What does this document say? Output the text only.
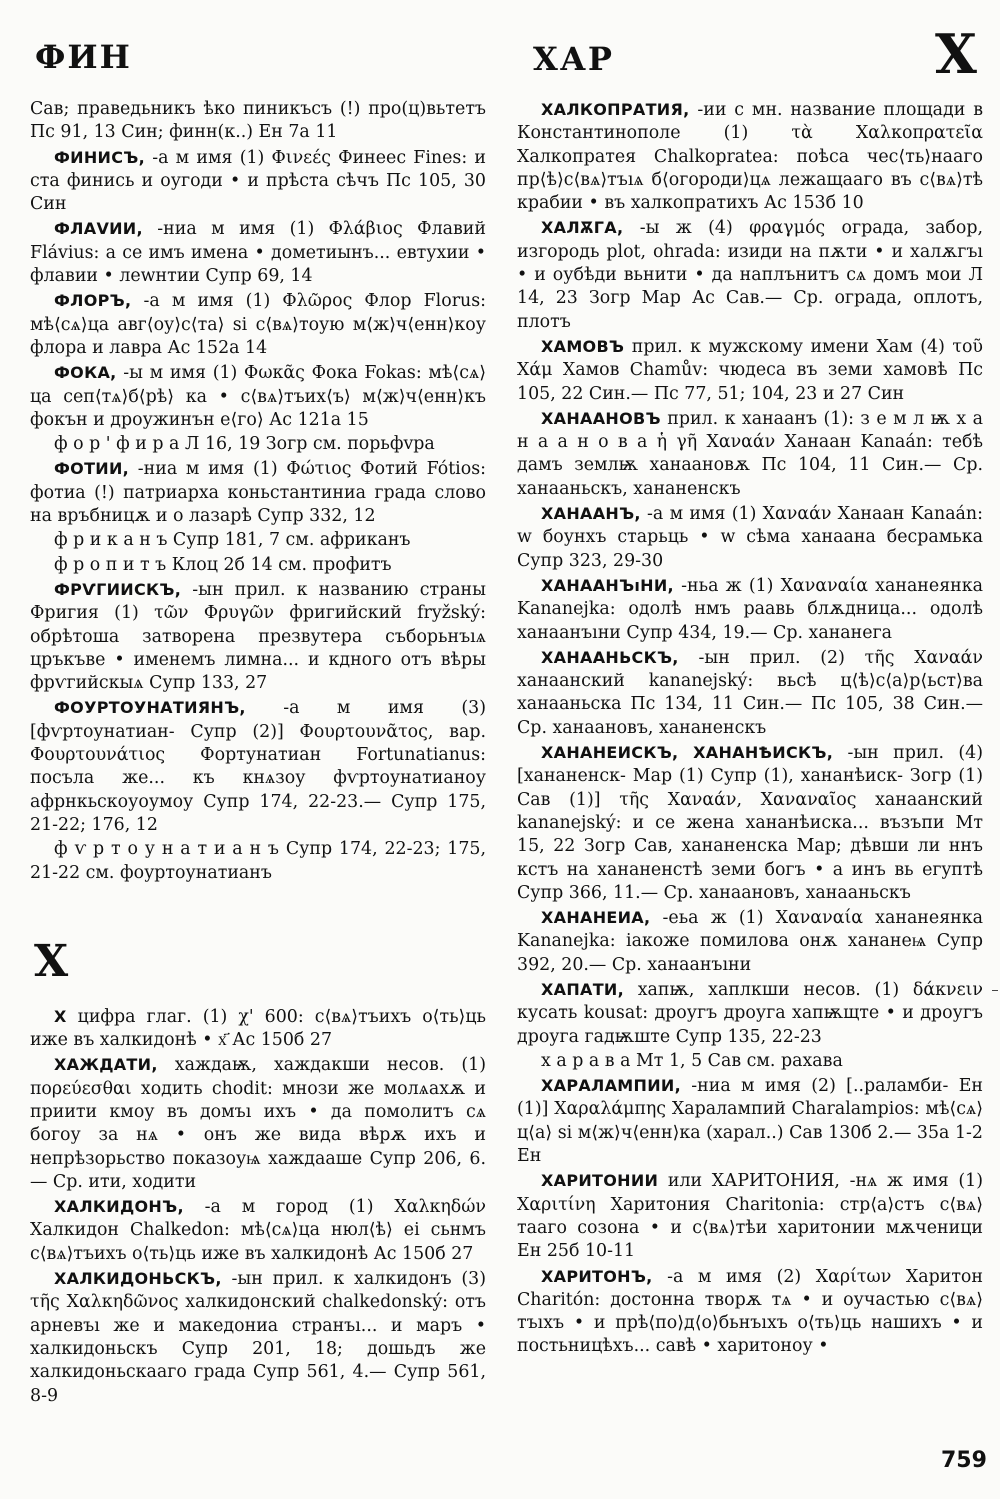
ФИН	ХАР	Х
Сав; праведьникъ ѣко пиникъсъ (!) про(ц)вьтетъ Пс 91, 13 Син; финн(к..) Ен 7а 11
ФИНИСЪ, -а м имя (1) Φινεές Финеес Fines: и ста финись и оугоди • и прѣста сѣчъ Пс 105, 30 Син
ФЛАVИИ, -ниа м имя (1) Φλάβιος Флавий Flávius: а се имъ имена • дометиынъ... евтухии • флавии • леwнтии Супр 69, 14
ФЛОРЪ, -а м имя (1) Φλῶρος Флор Florus: мѣ⟨сѧ⟩ца авг⟨оу⟩с⟨та⟩ ѕі с⟨вѧ⟩тоую м⟨ж⟩ч⟨енн⟩коу флора и лавра Ас 152а 14
ФОКА, -ы м имя (1) Φωκᾶς Фока Fokas: мѣ⟨сѧ⟩ца сеп⟨тѧ⟩б⟨рѣ⟩ ка • с⟨вѧ⟩тъих⟨ъ⟩ м⟨ж⟩ч⟨енн⟩къ фокън и дроужинън е⟨го⟩ Ас 121а 15
ф о р ' ф и р а Л 16, 19 Зогр см. порьфvра
ФОТИИ, -ниа м имя (1) Φώτιος Фотий Fótios: фотиа (!) патриарха коньстантиниа града слово на връбницѫ и о лазарѣ Супр 332, 12
ф р и к а н ъ Супр 181, 7 см. африканъ
ф р о п и т ъ Клоц 2б 14 см. профитъ
ФРѴГИИСКЪ, -ын прил. к названию страны Фригия (1) τῶν Φρυγῶν фригийский fryžský: обрѣтоша затворена презвутера съборьнъıѧ цръкъве • именемъ лимна... и кдного отъ вѣры фрѵгийскыѧ Супр 133, 27
ФОУРТОУНАТИЯНЪ, -а м имя (3) [фѵртоунатиан- Супр (2)] Φουρτουνᾶτος, вар. Φουρτουνάτιος Фортунатиан Fortunatianus: посъла же... къ кнѧзоу фѵртоунатианоу афрнкьскоуоумоу Супр 174, 22-23.— Супр 175, 21-22; 176, 12
ф ѵ р т о у н а т и а н ъ Супр 174, 22-23; 175, 21-22 см. фоуртоунатианъ
Х
Х цифра глаг. (1) χ' 600: с⟨вѧ⟩тъихъ о⟨ть⟩ць иже въ халкидонѣ • х҃ Ас 150б 27
ХАЖДАТИ, хаждаѭ, хаждакши несов. (1) πορεύεσθαι ходить chodit: мнози же молѧахѫ и приити кмоу въ домъı ихъ • да помолитъ сѧ богоу за нѧ • онъ же вида вѣрѫ ихъ и непрѣзорьство показоуѩ хаждааше Супр 206, 6.— Ср. ити, ходити
ХАЛКИДОНЪ, -а м город (1) Χαλκηδών Халкидон Chalkedon: мѣ⟨сѧ⟩ца нюл⟨ѣ⟩ еі сьнмъ с⟨вѧ⟩тъихъ о⟨ть⟩ць иже въ халкидонѣ Ас 150б 27
ХАЛКИДОНЬСКЪ, -ын прил. к халкидонъ (3) τῆς Χαλκηδῶνος халкидонский chalkedonský: отъ арневъı же и македониа странъı... и маръ • халкидоньскъ Супр 201, 18; дошьдъ же халкидоньскаaго града Супр 561, 4.— Супр 561, 8-9
ХАЛКОПРАТИЯ, -ии с мн. название площади в Константинополе (1) τὰ Χαλκοπρατεῖα Халкопратея Chalkopratea: поѣса чес⟨ть⟩нааго пр⟨ѣ⟩с⟨вѧ⟩тъıѧ б⟨огороди⟩цѧ лежащааго въ с⟨вѧ⟩тѣ крабии • въ халкопратихъ Ас 153б 10
ХАЛѪГА, -ы ж (4) φραγμός ограда, забор, изгородь plot, ohrada: изиди на пѫти • и халѫгъı • и оубѣди вьнити • да наплънитъ сѧ домъ мои Л 14, 23 Зогр Мар Ас Сав.— Ср. ограда, оплотъ, плотъ
ХАМОВЪ прил. к мужскому имени Хам (4) τοῦ Χάμ Хамов Chamův: чюдеса въ земи хамовѣ Пс 105, 22 Син.— Пс 77, 51; 104, 23 и 27 Син
ХАНААНОВЪ прил. к ханаанъ (1): з е м л ѭ х а н а а н о в а ἡ γῆ Χαναάν Ханаан Kanaán: тебѣ дамъ землѭ ханаановѫ Пс 104, 11 Син.— Ср. ханааньскъ, хананенскъ
ХАНААНЪ, -а м имя (1) Χαναάν Ханаан Kanaán: w боунхъ старьць • w сѣма ханаана бесрамька Супр 323, 29-30
ХАНААНЪıНИ, -ньа ж (1) Χαναναία хананеянка Kananejka: одолѣ нмъ раавь блѫдница... одолѣ ханаанъıни Супр 434, 19.— Ср. хананега
ХАНААНЬСКЪ, -ын прил. (2) τῆς Χαναάν ханаанский kananejský: вьсѣ ц⟨ѣ⟩с⟨а⟩р⟨ьст⟩ва ханааньска Пс 134, 11 Син.— Пс 105, 38 Син.— Ср. ханаановъ, хананенскъ
ХАНАНЕИСКЪ, ХАНАНѢИСКЪ, -ын прил. (4) [хананенск- Мар (1) Супр (1), хананѣиск- Зогр (1) Сав (1)] τῆς Χαναάν, Χαναναῖος ханаанский kananejský: и се жена хананѣиска... възъпи Мт 15, 22 Зогр Сав, хананенска Мар; дѣвши ли ннъ кстъ на хананенстѣ земи богъ • а инъ вь егyптѣ Супр 366, 11.— Ср. ханаановъ, ханааньскъ
ХАНАНЕИА, -еьа ж (1) Χαναναία хананеянка Kananejka: iакоже помилова онѫ хананеѩ Супр 392, 20.— Ср. ханаанъıни
ХАПАТИ, хапѭ, хаплкши несов. (1) δάκνειν кусать kousat: дроугъ дроуга хапѭщте • и дроугъ дроуга гадѭште Супр 135, 22-23
х а р а в а Мт 1, 5 Сав см. рахава
ХАРАЛАМПИИ, -ниа м имя (2) [..раламби- Ен (1)] Χαραλάμπης Харалампий Charalampios: мѣ⟨сѧ⟩ц⟨а⟩ ѕі м⟨ж⟩ч⟨енн⟩ка (харал..) Сав 130б 2.— 35а 1-2 Ен
ХАРИТОНИИ или ХАРИТОНИЯ, -нѧ ж имя (1) Χαριτίνη Харитония Charitonia: стр⟨а⟩стъ с⟨вѧ⟩тааго созона • и с⟨вѧ⟩тѣи харитонии мѫченици Ен 25б 10-11
ХАРИТОНЪ, -а м имя (2) Χαρίτων Харитон Charitón: достонна творѫ тѧ • и оучастью с⟨вѧ⟩тъıхъ • и прѣ⟨по⟩д⟨о⟩бьнъıхъ о⟨ть⟩ць нашихъ • и постьницѣхъ... савѣ • харитоноу •
759
